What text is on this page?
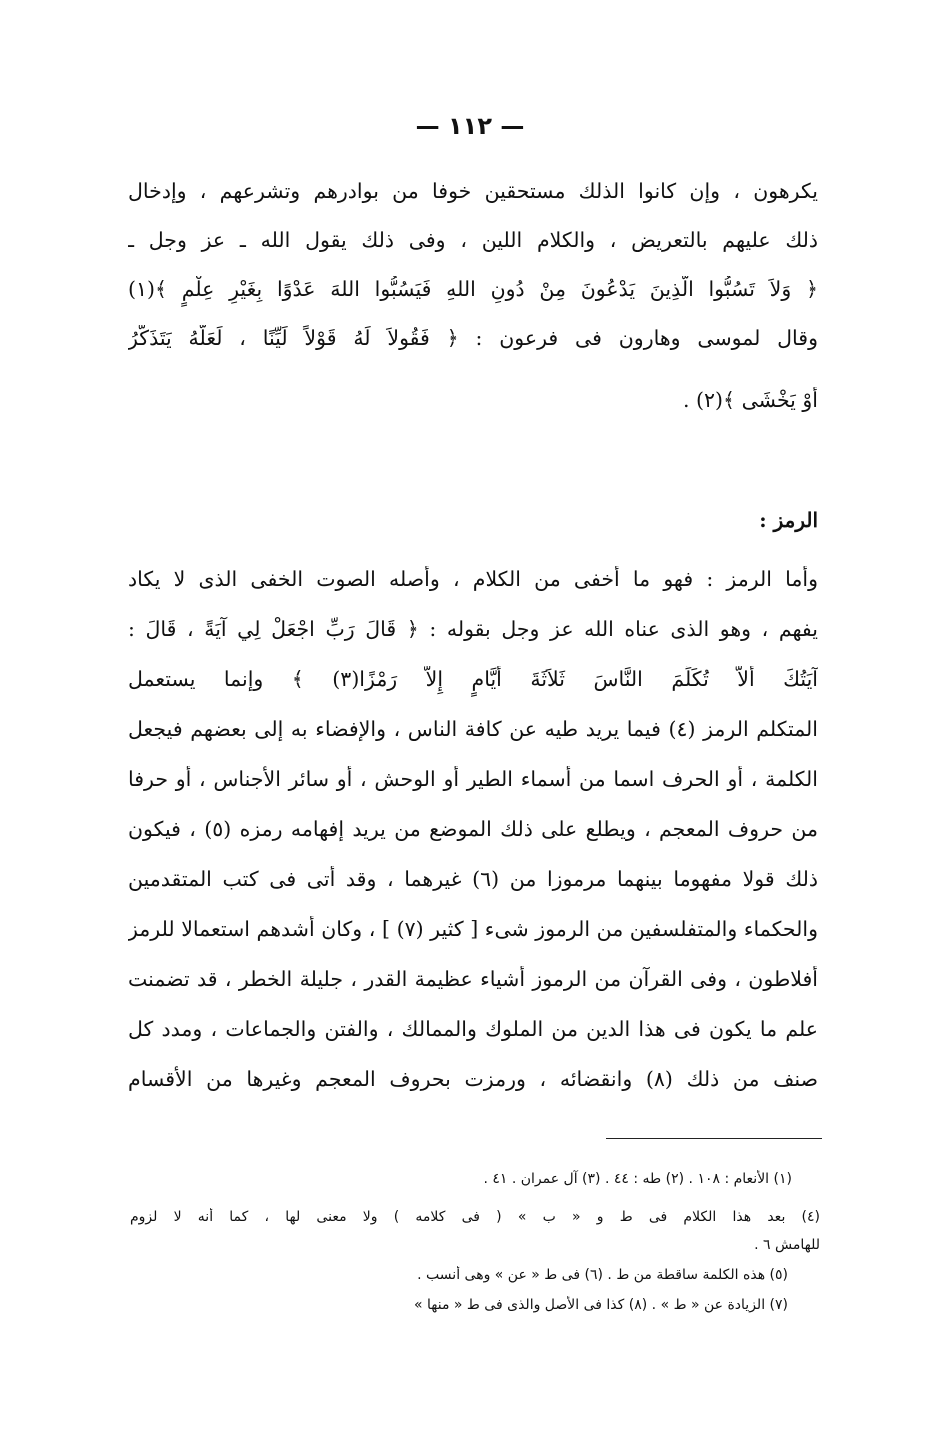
— ١١٢ —
يكرهون ، وإن كانوا الذلك مستحقين خوفا من بوادرهم وتشرعهم ، وإدخال
ذلك عليهم بالتعريض ، والكلام اللين ، وفى ذلك يقول الله ـ عز وجل ـ
﴿ وَلاَ تَسُبُّوا الَّذِينَ يَدْعُونَ مِنْ دُونِ اللهِ فَيَسُبُّوا اللهَ عَدْوًا بِغَيْرِ عِلْمٍ ﴾(١)
وقال لموسى وهارون فى فرعون : ﴿ فَقُولاَ لَهُ قَوْلاً لَيِّنًا ، لَعَلَّهُ يَتَذَكَّرُ
أَوْ يَخْشَى ﴾(٢) .
الرمز :
وأما الرمز : فهو ما أخفى من الكلام ، وأصله الصوت الخفى الذى لا يكاد
يفهم ، وهو الذى عناه الله عز وجل بقوله : ﴿ قَالَ رَبِّ اجْعَلْ لِي آيَةً ، قَالَ :
آيَتُكَ أَلاَّ تُكَلِّمَ النَّاسَ ثَلاَثَةَ أَيَّامٍ إِلاَّ رَمْزًا(٣) ﴾ وإنما يستعمل
المتكلم الرمز (٤) فيما يريد طيه عن كافة الناس ، والإفضاء به إلى بعضهم فيجعل
الكلمة ، أو الحرف اسما من أسماء الطير أو الوحش ، أو سائر الأجناس ، أو حرفا
من حروف المعجم ، ويطلع على ذلك الموضع من يريد إفهامه رمزه (٥) ، فيكون
ذلك قولا مفهوما بينهما مرموزا من (٦) غيرهما ، وقد أتى فى كتب المتقدمين
والحكماء والمتفلسفين من الرموز شىء [ كثير (٧) ] ، وكان أشدهم استعمالا للرمز
أفلاطون ، وفى القرآن من الرموز أشياء عظيمة القدر ، جليلة الخطر ، قد تضمنت
علم ما يكون فى هذا الدين من الملوك والممالك ، والفتن والجماعات ، ومدد كل
صنف من ذلك (٨) وانقضائه ، ورمزت بحروف المعجم وغيرها من الأقسام
(١) الأنعام : ١٠٨ . (٢) طه : ٤٤ . (٣) آل عمران . ٤١ .
(٤) بعد هذا الكلام فى ط و « ب » ( فى كلامه ) ولا معنى لها ، كما أنه لا لزوم
للهامش ٦ .
(٥) هذه الكلمة ساقطة من ط . (٦) فى ط « عن » وهى أنسب .
(٧) الزيادة عن « ط » . (٨) كذا فى الأصل والذى فى ط « منها »
